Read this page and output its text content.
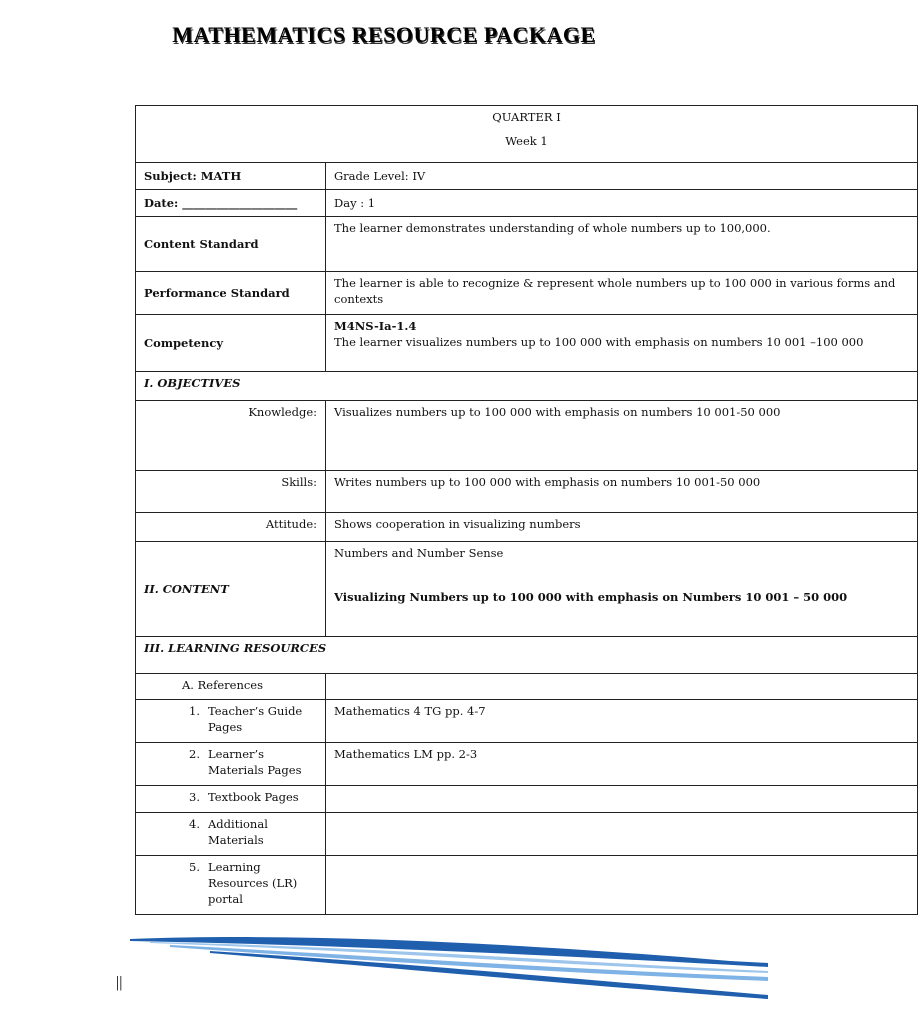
MATHEMATICS RESOURCE PACKAGE
QUARTER I
Week 1	

Subject: MATH	Grade Level: IV
Date: ____________________	Day : 1
Content Standard	The learner demonstrates understanding of whole numbers up to 100,000.
Performance Standard	The learner is able to recognize & represent whole numbers up to 100 000 in various forms and contexts
Competency	M4NS-Ia-1.4
The learner visualizes numbers up to 100 000 with emphasis on numbers 10 001 –100 000

I. OBJECTIVES	
Knowledge:	Visualizes numbers up to 100 000 with emphasis on numbers 10 001-50 000
Skills:	Writes numbers up to 100 000 with emphasis on numbers 10 001-50 000
Attitude:	Shows cooperation in visualizing numbers
II. CONTENT	Numbers and Number Sense
Visualizing Numbers up to 100 000 with emphasis on Numbers 10 001 – 50 000

III. LEARNING RESOURCES	

A. References	

1. Teacher’s Guide Pages	Mathematics 4 TG pp. 4-7

2. Learner’s Materials Pages	Mathematics LM pp. 2-3

3. Textbook Pages	

4. Additional Materials	

5. Learning Resources (LR) portal	

||
